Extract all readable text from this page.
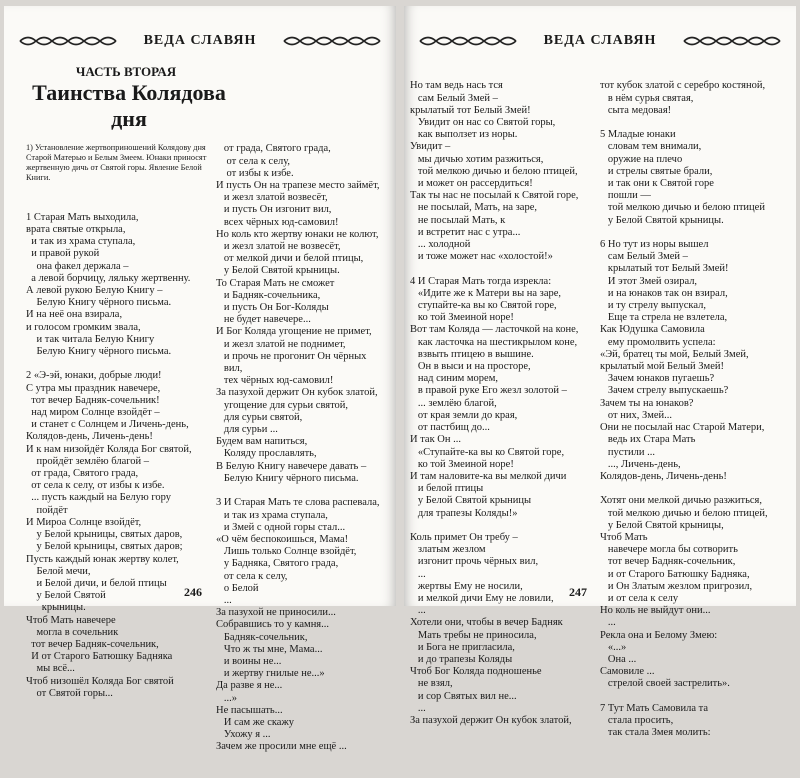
ВЕДА СЛАВЯН
ЧАСТЬ ВТОРАЯ
Таинства Колядова дня

1) Установление жертвоприношений Колядову дня Старой Матерью и Белым Змеем. Юнаки приносят жертвенную дичь от Святой горы. Явление Белой Книги.

1 Старая Мать выходила,
врата святые открыла,
и так из храма ступала,
и правой рукой
она факел держала –
а левой борчицу, ляльку жертвенну.
А левой рукою Белую Книгу –
Белую Книгу чёрного письма.
И на неё она взирала,
и голосом громким звала,
и так читала Белую Книгу
Белую Книгу чёрного письма.

2 «Э-эй, юнаки, добрые люди!
С утра мы праздник навечере,
тот вечер Бадняк-сочельник!
над миром Солнце взойдёт –
и станет с Солнцем и Личень-день,
Колядов-день, Личень-день!
И к нам низойдёт Коляда Бог святой,
пройдёт землёю благой –
от града, Святого града,
от села к селу, от избы к избе.
... пусть каждый на Белую гору
пойдёт
И Мироа Солнце взойдёт,
у Белой крыницы, святых даров,
у Белой крыницы, святых даров;
Пусть каждый юнак жертву колет,
Белой мечи,
и Белой дичи, и белой птицы
у Белой Святой
крыницы.
Чтоб Мать навечере
могла в сочельник
тот вечер Бадняк-сочельник,
И от Старого Батюшку Бадняка
мы всё...
Чтоб низошёл Коляда Бог святой
от Святой горы...

от града, Святого града,
от села к селу,
от избы к избе.
И пусть Он на трапезе место займёт,
и жезл златой возвесёт,
и пусть Он изгонит вил,
всех чёрных юд-самовил!
Но коль кто жертву юнаки не колют,
и жезл златой не возвесёт,
от мелкой дичи и белой птицы,
у Белой Святой крыницы.
То Старая Мать не сможет
и Бадняк-сочельника,
и пусть Он Бог-Коляды
не будет навечере...
И Бог Коляда угощение не примет,
и жезл златой не поднимет,
и прочь не прогонит Он чёрных
вил,
тех чёрных юд-самовил!
За пазухой держит Он кубок златой,
угощение для сурьи святой,
для сурьи святой,
для сурьи ...
Будем вам напиться,
Коляду прославлять,
В Белую Книгу навечере давать –
Белую Книгу чёрного письма.

3 И Старая Мать те слова распевала,
и так из храма ступала,
и Змей с одной горы стал...
«О чём беспокоишься, Мама!
Лишь только Солнце взойдёт,
у Бадняка, Святого града,
от села к селу,
о Белой
...
За пазухой не приносили...
Собравшись то у камня...
Бадняк-сочельник,
Что ж ты мне, Мама...
и воины не...
и жертву гнилые не...»
Да разве я не...
...»
Не пасышать...
И сам же скажу
Ухожу я ...
Зачем же просили мне ещё ...

246
ВЕДА СЛАВЯН

Но там ведь нась тся
сам Белый Змей –
крылатый тот Белый Змей!
Увидит он нас со Святой горы,
как выползет из норы.
Увидит –
мы дичью хотим разжиться,
той мелкою дичью и белою птицей,
и может он рассердиться!
Так ты нас не посылай к Святой горе,
не посылай, Мать, на заре,
не посылай Мать, к
и встретит нас с утра...
... холодной
и тоже может нас «холостой!»

4 И Старая Мать тогда изрекла:
«Идите же к Матери вы на заре,
ступайте-ка вы ко Святой горе,
ко той Змеиной норе!
Вот там Коляда — ласточкой на коне,
как ласточка на шестикрылом коне,
взвыть птицею в вышине.
Он в выси и на просторе,
над синим морем,
в правой руке Его жезл золотой –
... землёю благой,
от края земли до края,
от пастбищ до...
И так Он ...
«Ступайте-ка вы ко Святой горе,
ко той Змеиной норе!
И там наловите-ка вы мелкой дичи
и белой птицы
у Белой Святой крыницы
для трапезы Коляды!»

Коль примет Он требу –
златым жезлом
изгонит прочь чёрных вил,
...
жертвы Ему не носили,
и мелкой дичи Ему не ловили,
...
Хотели они, чтобы в вечер Бадняк
Мать требы не приносила,
и Бога не пригласила,
и до трапезы Коляды
Чтоб Бог Коляда подношенье
не взял,
и сор Святых вил не...
...
За пазухой держит Он кубок златой,

тот кубок златой с серебро костяной,
в нём сурья святая,
сыта медовая!

5 Младые юнаки
словам тем внимали,
оружие на плечо
и стрелы святые брали,
и так они к Святой горе
пошли —
той мелкою дичью и белою птицей
у Белой Святой крыницы.

6 Но тут из норы вышел
сам Белый Змей –
крылатый тот Белый Змей!
И этот Змей озирал,
и на юнаков так он взирал,
и ту стрелу выпускал,
Еще та стрела не взлетела,
Как Юдушка Самовила
ему промолвить успела:
«Эй, братец ты мой, Белый Змей,
крылатый мой Белый Змей!
Зачем юнаков пугаешь?
Зачем стрелу выпускаешь?
Зачем ты на юнаков?
от них, Змей...
Они не посылай нас Старой Матери,
ведь их Стара Мать
пустили ...
..., Личень-день,
Колядов-день, Личень-день!

Хотят они мелкой дичью разжиться,
той мелкою дичью и белою птицей,
у Белой Святой крыницы,
Чтоб Мать
навечере могла бы сотворить
тот вечер Бадняк-сочельник,
и от Старого Батюшку Бадняка,
и Он Златым жезлом пригрозил,
и от села к селу
Но коль не выйдут они...
...
Рекла она и Белому Змею:
«...»
Она ...
Самовиле ...
стрелой своей застрелить».

7 Тут Мать Самовила та
стала просить,
так стала Змея молить:

247
